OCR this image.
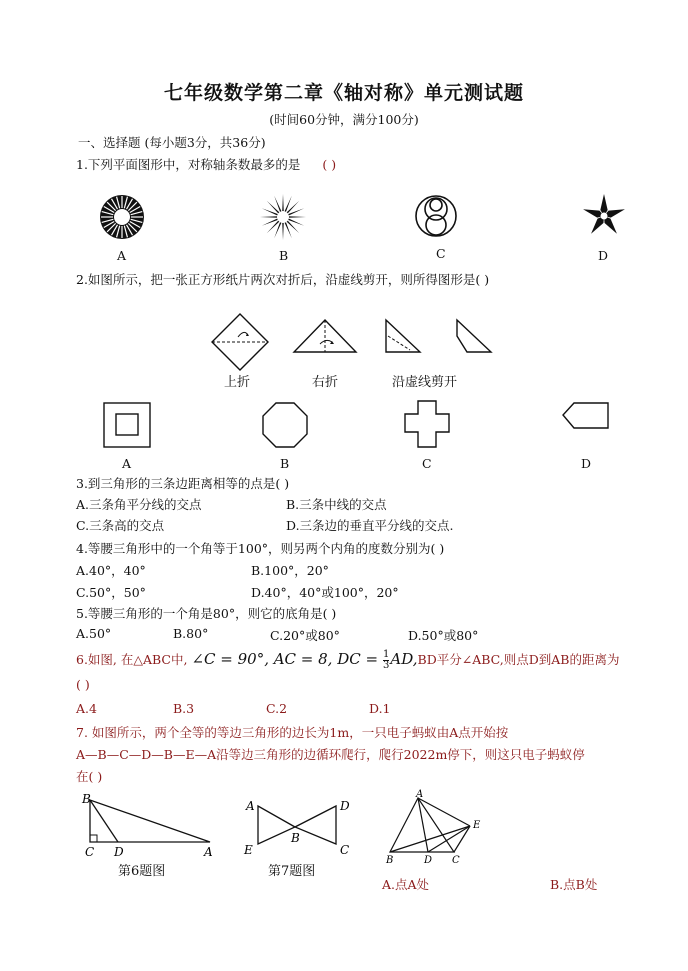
七年级数学第二章《轴对称》单元测试题
(时间60分钟，满分100分)
一、选择题 (每小题3分，共36分)
1.下列平面图形中，对称轴条数最多的是 ( )
A	B	C	D
2.如图所示，把一张正方形纸片两次对折后，沿虚线剪开，则所得图形是( )
上折	右折	沿虚线剪开
A	B	C	D
3.到三角形的三条边距离相等的点是( )
A.三条角平分线的交点	B.三条中线的交点
C.三条高的交点	D.三条边的垂直平分线的交点.
4.等腰三角形中的一个角等于100°，则另两个内角的度数分别为( )
A.40°，40°	B.100°，20°
C.50°，50°	D.40°，40°或100°，20°
5.等腰三角形的一个角是80°，则它的底角是( )
A.50°	B.80°	C.20°或80°	D.50°或80°
6.如图, 在△ABC中, ∠C = 90°, AC = 8, DC = $\frac{1}{3} AD,BD$平分∠ABC,则点D到AB的距离为
( )
A.4	B.3	C.2	D.1
7. 如图所示，两个全等的等边三角形的边长为1m，一只电子蚂蚁由A点开始按
A—B—C—D—B—E—A沿等边三角形的边循环爬行，爬行2022m停下，则这只电子蚂蚁停
在( )
B
C D	A
第6题图
A	D
B
E	C
第7题图
A
E
B	D C
A.点A处	B.点B处
